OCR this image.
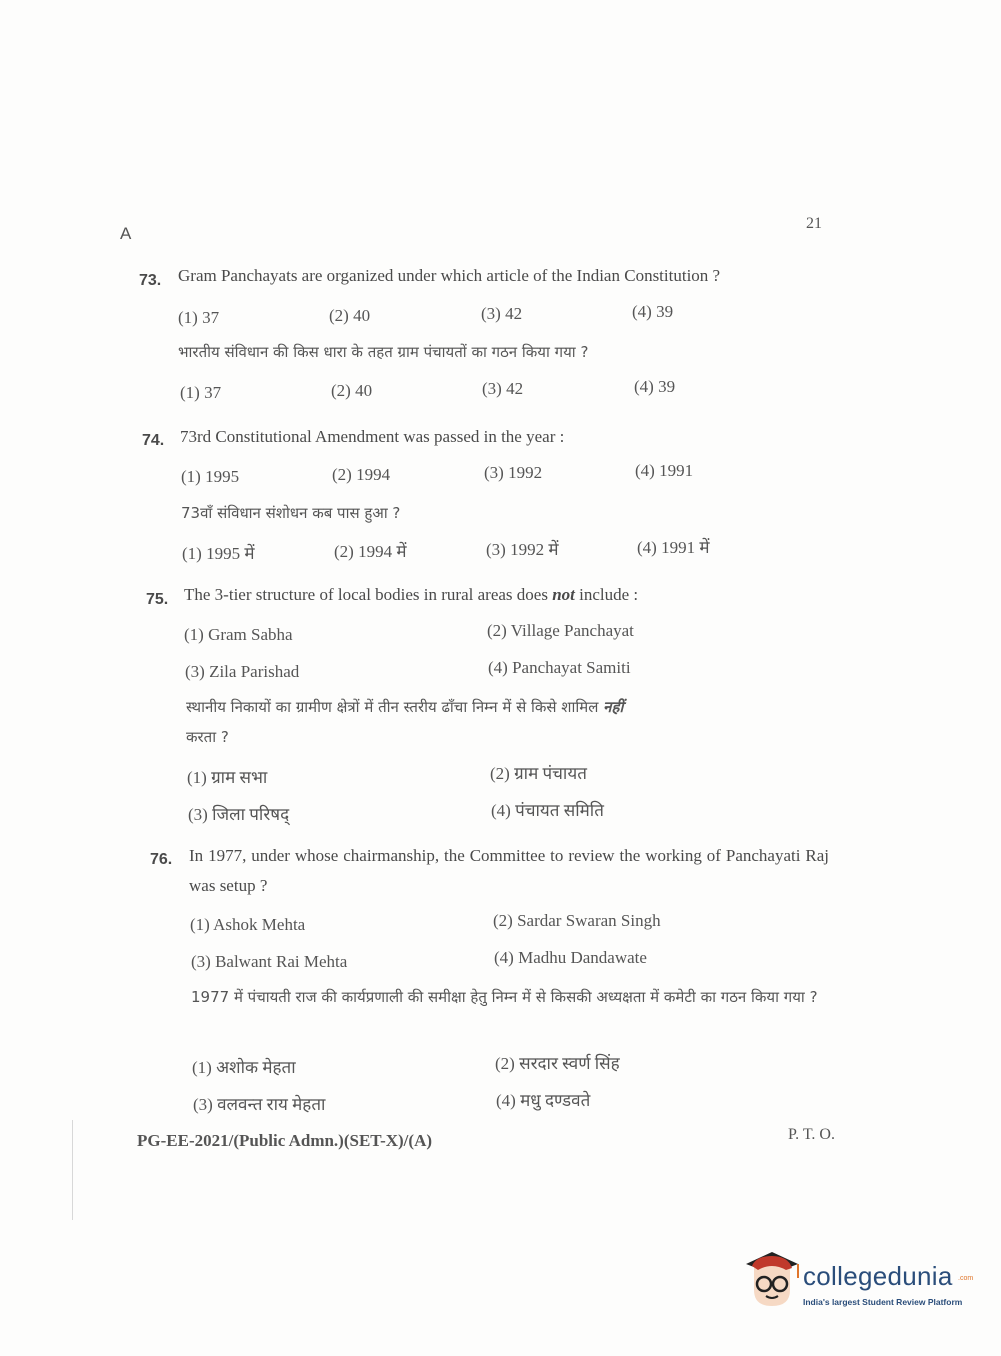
A
21
73. Gram Panchayats are organized under which article of the Indian Constitution ?
(1) 37	(2) 40	(3) 42	(4) 39
भारतीय संविधान की किस धारा के तहत ग्राम पंचायतों का गठन किया गया ?
(1) 37	(2) 40	(3) 42	(4) 39
74. 73rd Constitutional Amendment was passed in the year :
(1) 1995	(2) 1994	(3) 1992	(4) 1991
73वाँ संविधान संशोधन कब पास हुआ ?
(1) 1995 में	(2) 1994 में	(3) 1992 में	(4) 1991 में
75. The 3-tier structure of local bodies in rural areas does not include :
(1) Gram Sabha	(2) Village Panchayat
(3) Zila Parishad	(4) Panchayat Samiti
स्थानीय निकायों का ग्रामीण क्षेत्रों में तीन स्तरीय ढाँचा निम्न में से किसे शामिल नहीं
करता ?
(1) ग्राम सभा	(2) ग्राम पंचायत
(3) जिला परिषद्	(4) पंचायत समिति
76. In 1977, under whose chairmanship, the Committee to review the working of Panchayati Raj was setup ?
(1) Ashok Mehta	(2) Sardar Swaran Singh
(3) Balwant Rai Mehta	(4) Madhu Dandawate
1977 में पंचायती राज की कार्यप्रणाली की समीक्षा हेतु निम्न में से किसकी अध्यक्षता में कमेटी का गठन किया गया ?
(1) अशोक मेहता	(2) सरदार स्वर्ण सिंह
(3) वलवन्त राय मेहता	(4) मधु दण्डवते
PG-EE-2021/(Public Admn.)(SET-X)/(A)	P. T. O.
collegedunia .com
India's largest Student Review Platform
